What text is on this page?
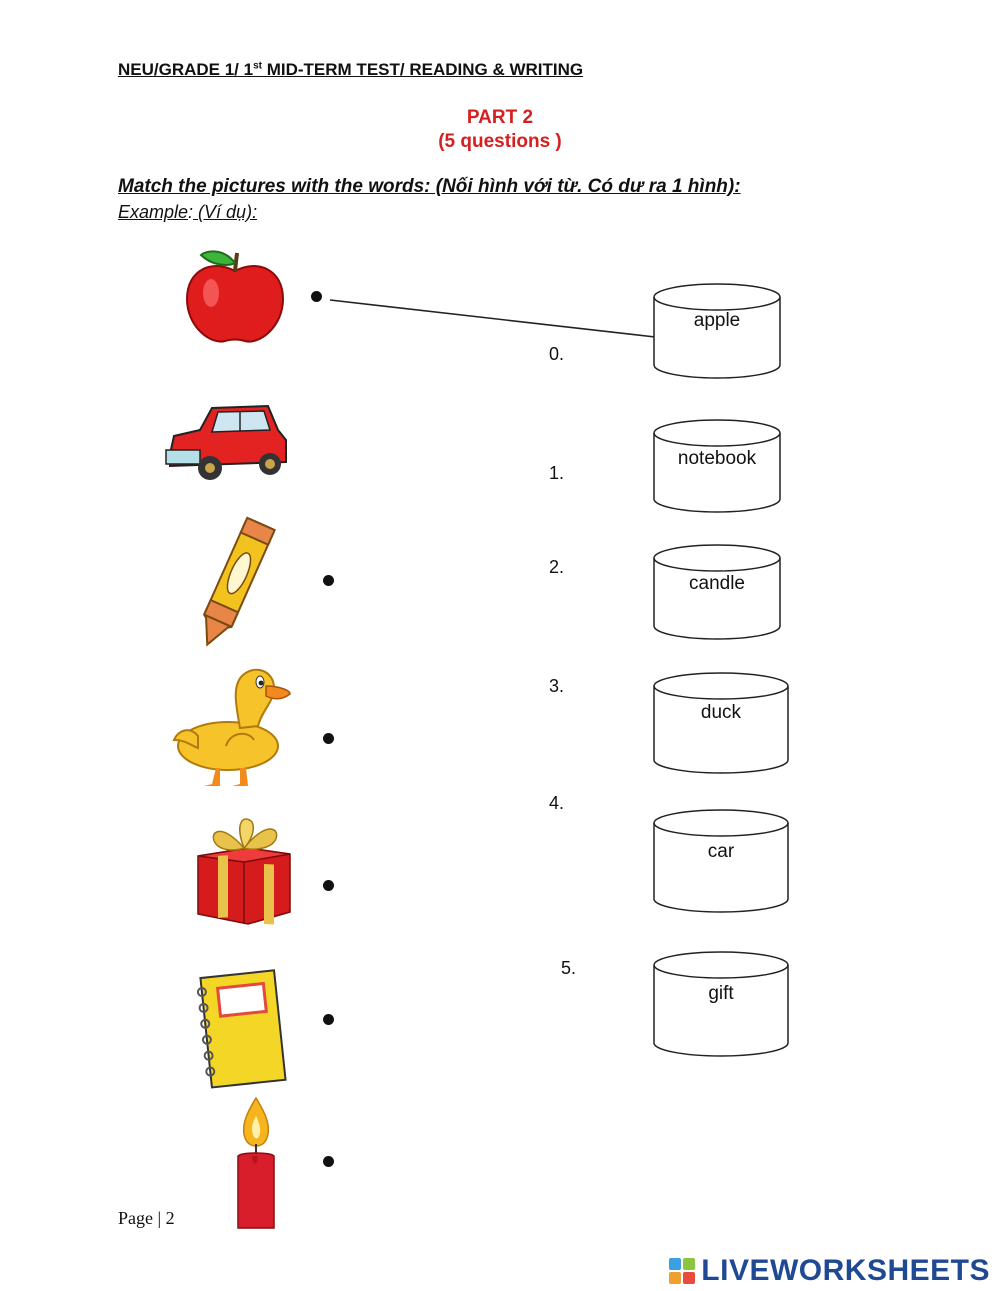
NEU/GRADE 1/ 1st MID-TERM TEST/ READING & WRITING
PART 2
(5 questions )
Match the pictures with the words: (Nối hình với từ. Có dư ra 1 hình):
Example: (Ví dụ):
0.
1.
2.
3.
4.
5.
apple
notebook
candle
duck
car
gift
Page | 2
LIVEWORKSHEETS
